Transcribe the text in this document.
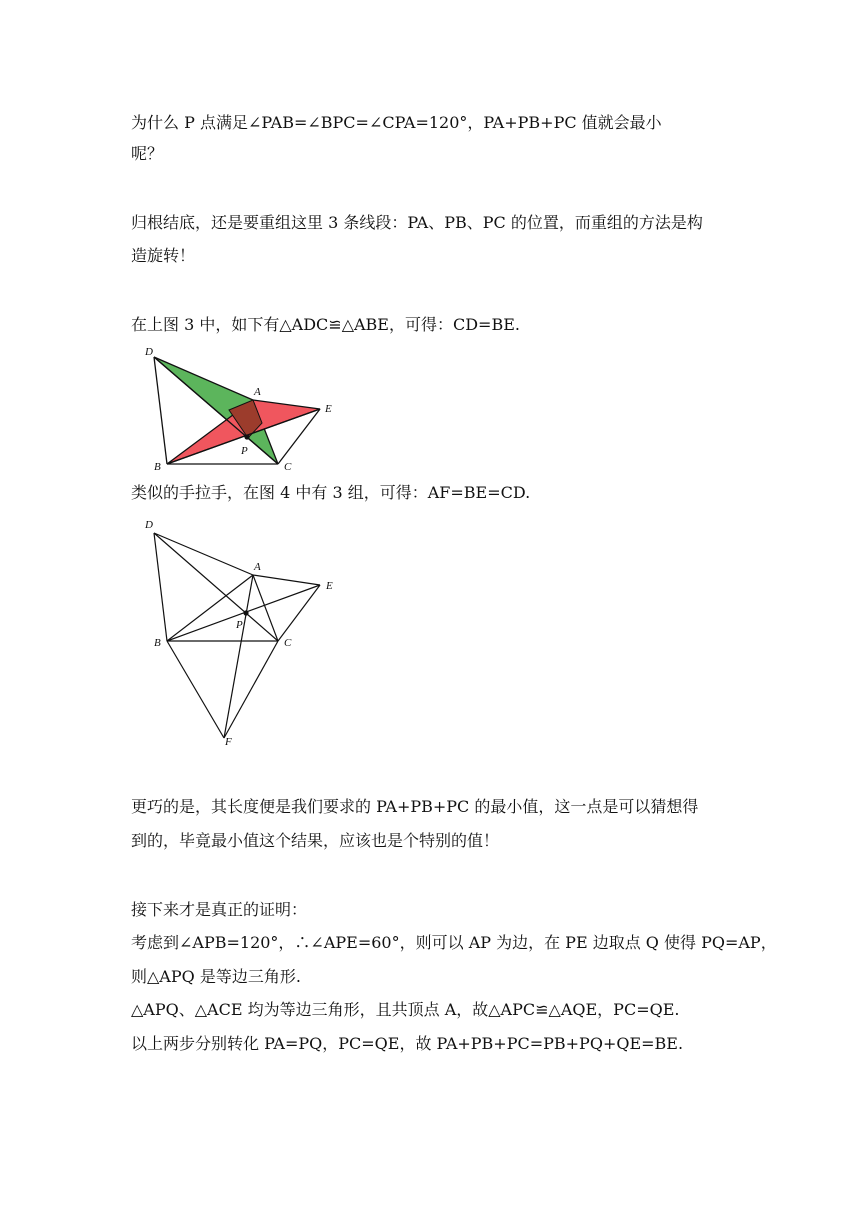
为什么 P 点满足∠PAB=∠BPC=∠CPA=120°，PA+PB+PC 值就会最小
呢？
归根结底，还是要重组这里 3 条线段：PA、PB、PC 的位置，而重组的方法是构
造旋转！
在上图 3 中，如下有△ADC≌△ABE，可得：CD=BE.
D
A
E
B
P
C
类似的手拉手，在图 4 中有 3 组，可得：AF=BE=CD.
D
A
E
B
P
C
F
更巧的是，其长度便是我们要求的 PA+PB+PC 的最小值，这一点是可以猜想得
到的，毕竟最小值这个结果，应该也是个特别的值！
接下来才是真正的证明：
考虑到∠APB=120°，∴∠APE=60°，则可以 AP 为边，在 PE 边取点 Q 使得 PQ=AP，
则△APQ 是等边三角形.
△APQ、△ACE 均为等边三角形，且共顶点 A，故△APC≌△AQE，PC=QE.
以上两步分别转化 PA=PQ，PC=QE，故 PA+PB+PC=PB+PQ+QE=BE.
